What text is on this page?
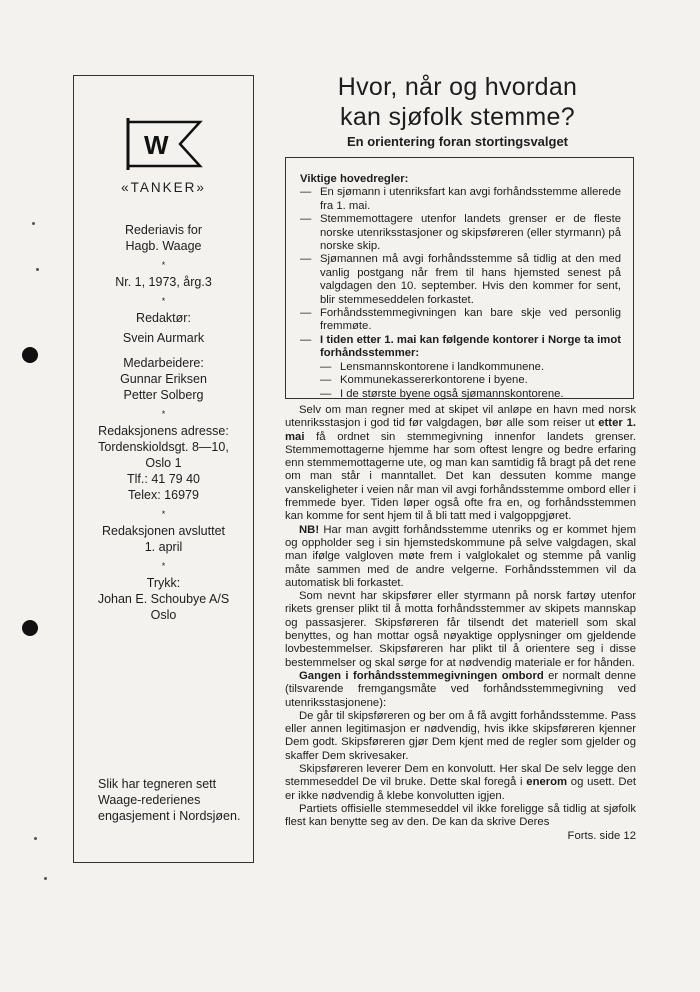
W
«TANKER»
Rederiavis for
Hagb. Waage
*
Nr. 1, 1973, årg.3
*
Redaktør:
Svein Aurmark
Medarbeidere:
Gunnar Eriksen
Petter Solberg
*
Redaksjonens adresse:
Tordenskioldsgt. 8—10,
Oslo 1
Tlf.: 41 79 40
Telex: 16979
*
Redaksjonen avsluttet
1. april
*
Trykk:
Johan E. Schoubye A/S
Oslo
Slik har tegneren sett Waage-rederienes engasjement i Nordsjøen.
Hvor, når og hvordan
kan sjøfolk stemme?
En orientering foran stortingsvalget
Viktige hovedregler:
— En sjømann i utenriksfart kan avgi forhåndsstemme allerede fra 1. mai.
— Stemmemottagere utenfor landets grenser er de fleste norske utenriksstasjoner og skipsføreren (eller styrmann) på norske skip.
— Sjømannen må avgi forhåndsstemme så tidlig at den med vanlig postgang når frem til hans hjemsted senest på valgdagen den 10. september. Hvis den kommer for sent, blir stemmeseddelen forkastet.
— Forhåndsstemmegivningen kan bare skje ved personlig fremmøte.
— I tiden etter 1. mai kan følgende kontorer i Norge ta imot forhåndsstemmer:
— Lensmannskontorene i landkommunene.
— Kommunekassererkontorene i byene.
— I de største byene også sjømannskontorene.

Selv om man regner med at skipet vil anløpe en havn med norsk utenriksstasjon i god tid før valgdagen, bør alle som reiser ut etter 1. mai få ordnet sin stemmegivning innenfor landets grenser. Stemmemottagerne hjemme har som oftest lengre og bedre erfaring enn stemmemottagerne ute, og man kan samtidig få bragt på det rene om man står i manntallet. Det kan dessuten komme mange vanskeligheter i veien når man vil avgi forhåndsstemme ombord eller i fremmede byer. Tiden løper også ofte fra en, og forhåndsstemmen kan komme for sent hjem til å bli tatt med i valgoppgjøret.

NB! Har man avgitt forhåndsstemme utenriks og er kommet hjem og oppholder seg i sin hjemstedskommune på selve valgdagen, skal man ifølge valgloven møte frem i valglokalet og stemme på vanlig måte sammen med de andre velgerne. Forhåndsstemmen vil da automatisk bli forkastet.

Som nevnt har skipsfører eller styrmann på norsk fartøy utenfor rikets grenser plikt til å motta forhåndsstemmer av skipets mannskap og passasjerer. Skipsføreren får tilsendt det materiell som skal benyttes, og han mottar også nøyaktige opplysninger om gjeldende lovbestemmelser. Skipsføreren har plikt til å orientere seg i disse bestemmelser og skal sørge for at nødvendig materiale er for hånden.

Gangen i forhåndsstemmegivningen ombord er normalt denne (tilsvarende fremgangsmåte ved forhåndsstemmegivning ved utenriksstasjonene):

De går til skipsføreren og ber om å få avgitt forhåndsstemme. Pass eller annen legitimasjon er nødvendig, hvis ikke skipsføreren kjenner Dem godt. Skipsføreren gjør Dem kjent med de regler som gjelder og skaffer Dem skrivesaker.

Skipsføreren leverer Dem en konvolutt. Her skal De selv legge den stemmeseddel De vil bruke. Dette skal foregå i enerom og usett. Det er ikke nødvendig å klebe konvolutten igjen.

Partiets offisielle stemmeseddel vil ikke foreligge så tidlig at sjøfolk flest kan benytte seg av den. De kan da skrive Deres

Forts. side 12
